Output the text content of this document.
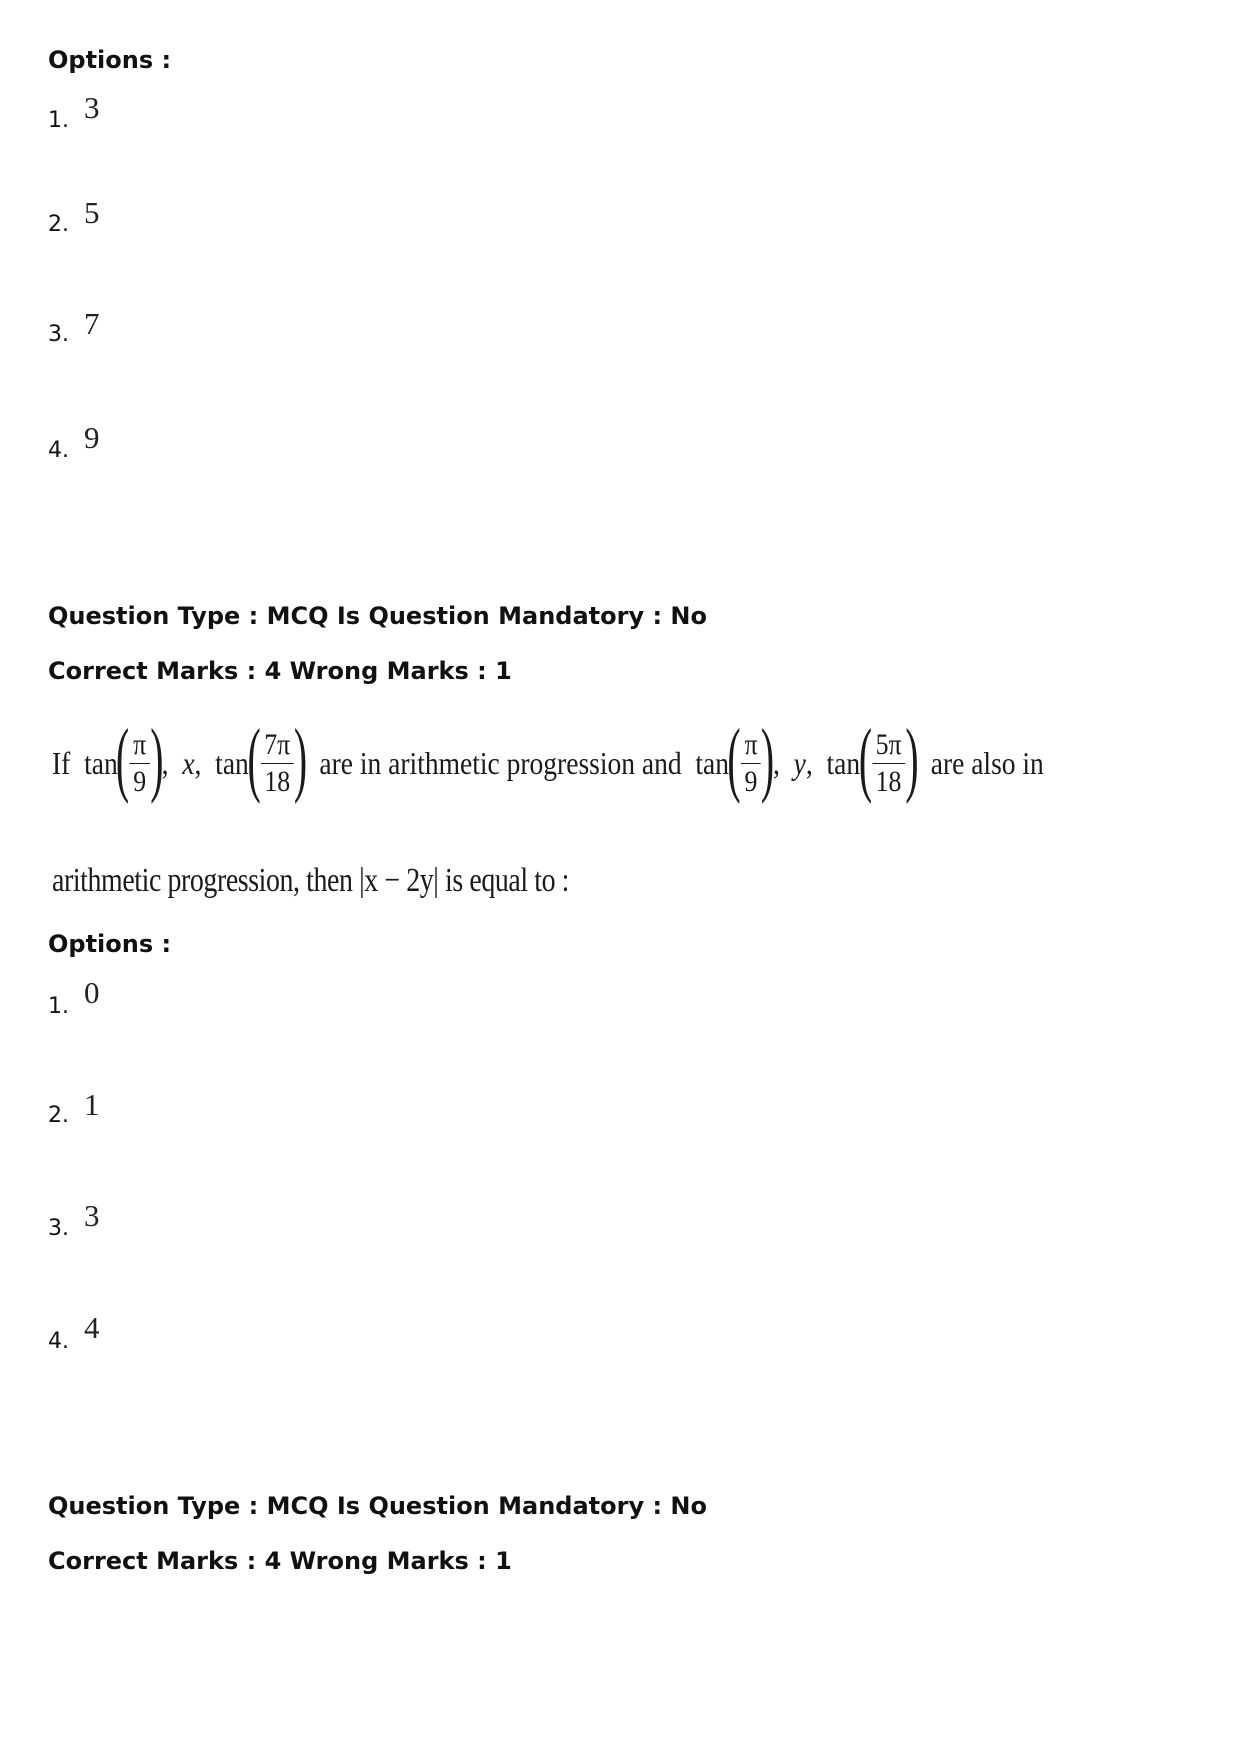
Options :
1. 3
2. 5
3. 7
4. 9
Question Type : MCQ Is Question Mandatory : No
Correct Marks : 4 Wrong Marks : 1
If  tan
( $\frac{\pi}{9}$ )
, x ,  tan
( $\frac{7\pi}{18}$ )
are in arithmetic progression and  tan
( $\frac{\pi}{9}$ )
, y ,  tan
( $\frac{5\pi}{18}$ )
are also in
arithmetic progression, then |x − 2y| is equal to :
Options :
1. 0
2. 1
3. 3
4. 4
Question Type : MCQ Is Question Mandatory : No
Correct Marks : 4 Wrong Marks : 1
